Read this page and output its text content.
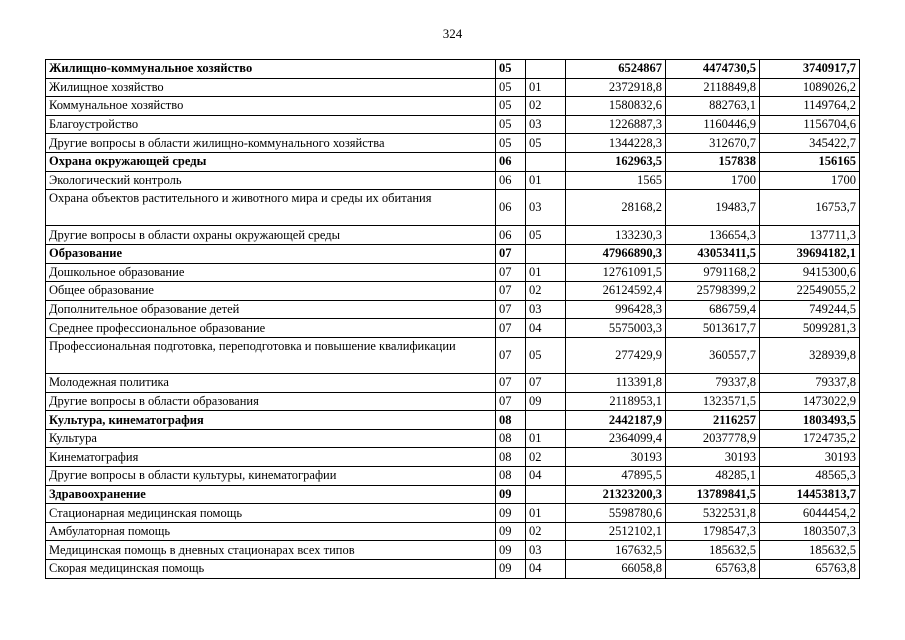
324
Жилищно-коммунальное хозяйство	05		6524867	4474730,5	3740917,7
Жилищное хозяйство	05	01	2372918,8	2118849,8	1089026,2
Коммунальное хозяйство	05	02	1580832,6	882763,1	1149764,2
Благоустройство	05	03	1226887,3	1160446,9	1156704,6
Другие вопросы в области жилищно-коммунального хозяйства	05	05	1344228,3	312670,7	345422,7
Охрана окружающей среды	06		162963,5	157838	156165
Экологический контроль	06	01	1565	1700	1700
Охрана объектов растительного и животного мира и среды их обитания	06	03	28168,2	19483,7	16753,7
Другие вопросы в области охраны окружающей среды	06	05	133230,3	136654,3	137711,3
Образование	07		47966890,3	43053411,5	39694182,1
Дошкольное образование	07	01	12761091,5	9791168,2	9415300,6
Общее образование	07	02	26124592,4	25798399,2	22549055,2
Дополнительное образование детей	07	03	996428,3	686759,4	749244,5
Среднее профессиональное образование	07	04	5575003,3	5013617,7	5099281,3
Профессиональная подготовка, переподготовка и повышение квалификации	07	05	277429,9	360557,7	328939,8
Молодежная политика	07	07	113391,8	79337,8	79337,8
Другие вопросы в области образования	07	09	2118953,1	1323571,5	1473022,9
Культура, кинематография	08		2442187,9	2116257	1803493,5
Культура	08	01	2364099,4	2037778,9	1724735,2
Кинематография	08	02	30193	30193	30193
Другие вопросы в области культуры, кинематографии	08	04	47895,5	48285,1	48565,3
Здравоохранение	09		21323200,3	13789841,5	14453813,7
Стационарная медицинская помощь	09	01	5598780,6	5322531,8	6044454,2
Амбулаторная помощь	09	02	2512102,1	1798547,3	1803507,3
Медицинская помощь в дневных стационарах всех типов	09	03	167632,5	185632,5	185632,5
Скорая медицинская помощь	09	04	66058,8	65763,8	65763,8
